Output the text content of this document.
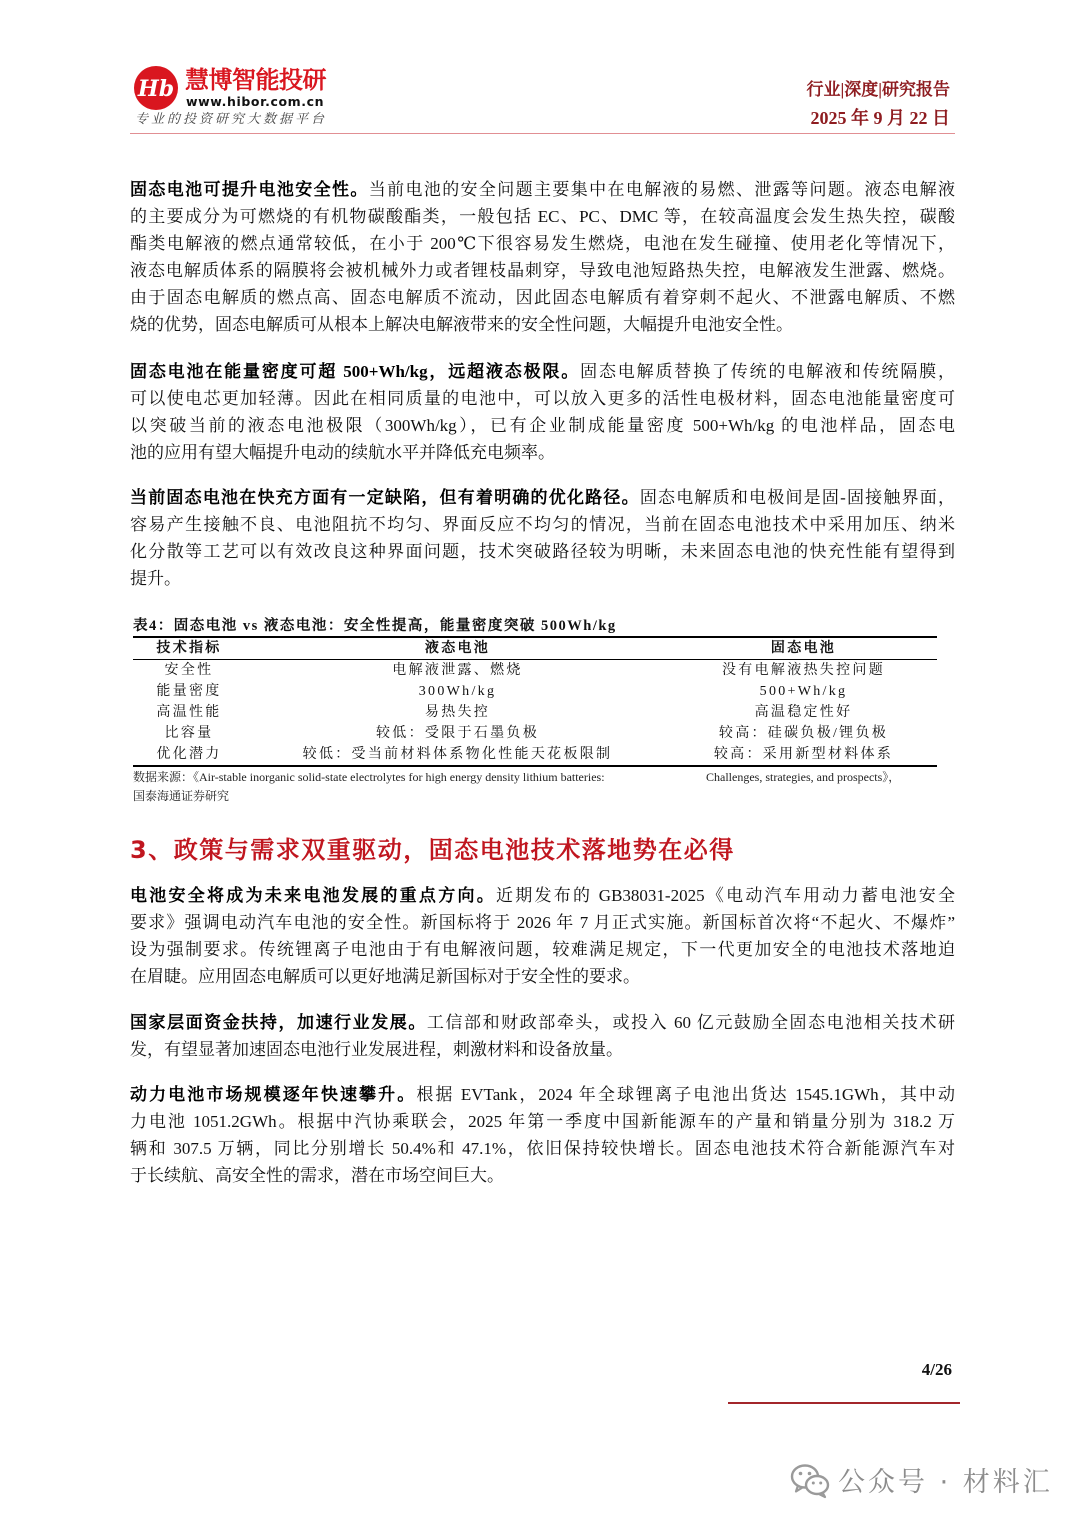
Hb 慧博智能投研
www.hibor.com.cn
专业的投资研究大数据平台
行业|深度|研究报告
2025 年 9 月 22 日
固态电池可提升电池安全性。当前电池的安全问题主要集中在电解液的易燃、泄露等问题。液态电解液
的主要成分为可燃烧的有机物碳酸酯类，一般包括 EC、PC、DMC 等，在较高温度会发生热失控，碳酸
酯类电解液的燃点通常较低，在小于 200℃下很容易发生燃烧，电池在发生碰撞、使用老化等情况下，
液态电解质体系的隔膜将会被机械外力或者锂枝晶刺穿，导致电池短路热失控，电解液发生泄露、燃烧。
由于固态电解质的燃点高、固态电解质不流动，因此固态电解质有着穿刺不起火、不泄露电解质、不燃
烧的优势，固态电解质可从根本上解决电解液带来的安全性问题，大幅提升电池安全性。
固态电池在能量密度可超 500+Wh/kg，远超液态极限。固态电解质替换了传统的电解液和传统隔膜，
可以使电芯更加轻薄。因此在相同质量的电池中，可以放入更多的活性电极材料，固态电池能量密度可
以突破当前的液态电池极限（300Wh/kg），已有企业制成能量密度 500+Wh/kg 的电池样品，固态电
池的应用有望大幅提升电动的续航水平并降低充电频率。
当前固态电池在快充方面有一定缺陷，但有着明确的优化路径。固态电解质和电极间是固-固接触界面，
容易产生接触不良、电池阻抗不均匀、界面反应不均匀的情况，当前在固态电池技术中采用加压、纳米
化分散等工艺可以有效改良这种界面问题，技术突破路径较为明晰，未来固态电池的快充性能有望得到
提升。
表4：固态电池 vs 液态电池：安全性提高，能量密度突破 500Wh/kg
技术指标	液态电池	固态电池
安全性	电解液泄露、燃烧	没有电解液热失控问题
能量密度	300Wh/kg	500+Wh/kg
高温性能	易热失控	高温稳定性好
比容量	较低：受限于石墨负极	较高：硅碳负极/锂负极
优化潜力	较低：受当前材料体系物化性能天花板限制	较高：采用新型材料体系
数据来源：《Air-stable inorganic solid-state electrolytes for high energy density lithium batteries:	Challenges, strategies, and prospects》，
国泰海通证券研究
3、政策与需求双重驱动，固态电池技术落地势在必得
电池安全将成为未来电池发展的重点方向。近期发布的 GB38031-2025《电动汽车用动力蓄电池安全
要求》强调电动汽车电池的安全性。新国标将于 2026 年 7 月正式实施。新国标首次将“不起火、不爆炸”
设为强制要求。传统锂离子电池由于有电解液问题，较难满足规定，下一代更加安全的电池技术落地迫
在眉睫。应用固态电解质可以更好地满足新国标对于安全性的要求。
国家层面资金扶持，加速行业发展。工信部和财政部牵头，或投入 60 亿元鼓励全固态电池相关技术研
发，有望显著加速固态电池行业发展进程，刺激材料和设备放量。
动力电池市场规模逐年快速攀升。根据 EVTank，2024 年全球锂离子电池出货达 1545.1GWh，其中动
力电池 1051.2GWh。根据中汽协乘联会，2025 年第一季度中国新能源车的产量和销量分别为 318.2 万
辆和 307.5 万辆，同比分别增长 50.4%和 47.1%，依旧保持较快增长。固态电池技术符合新能源汽车对
于长续航、高安全性的需求，潜在市场空间巨大。
4/26
公众号 · 材料汇
